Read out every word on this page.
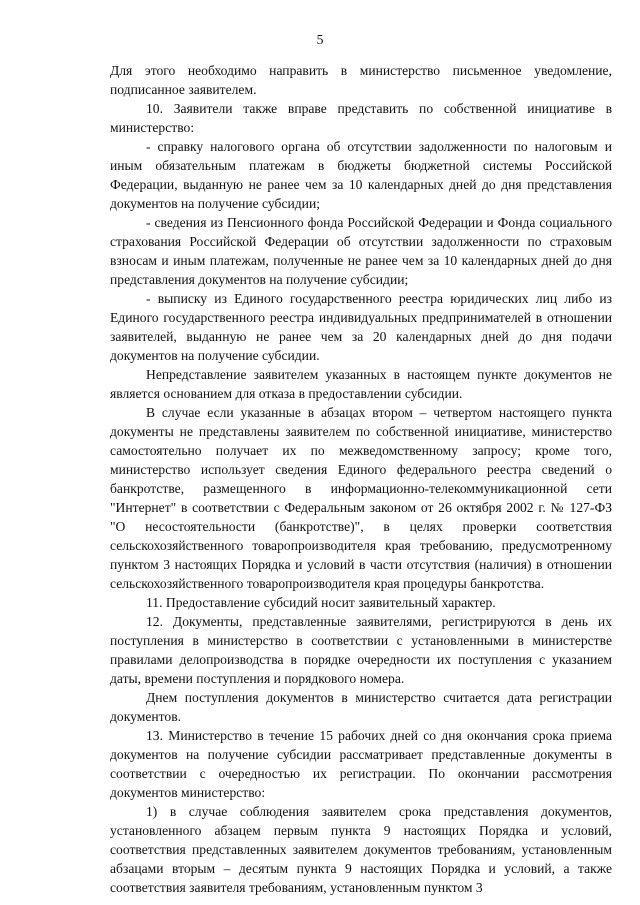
5

Для этого необходимо направить в министерство письменное уведомление, подписанное заявителем.

10. Заявители также вправе представить по собственной инициативе в министерство:

- справку налогового органа об отсутствии задолженности по налоговым и иным обязательным платежам в бюджеты бюджетной системы Российской Федерации, выданную не ранее чем за 10 календарных дней до дня представления документов на получение субсидии;

- сведения из Пенсионного фонда Российской Федерации и Фонда социального страхования Российской Федерации об отсутствии задолженности по страховым взносам и иным платежам, полученные не ранее чем за 10 календарных дней до дня представления документов на получение субсидии;

- выписку из Единого государственного реестра юридических лиц либо из Единого государственного реестра индивидуальных предпринимателей в отношении заявителей, выданную не ранее чем за 20 календарных дней до дня подачи документов на получение субсидии.

Непредставление заявителем указанных в настоящем пункте документов не является основанием для отказа в предоставлении субсидии.

В случае если указанные в абзацах втором – четвертом настоящего пункта документы не представлены заявителем по собственной инициативе, министерство самостоятельно получает их по межведомственному запросу; кроме того, министерство использует сведения Единого федерального реестра сведений о банкротстве, размещенного в информационно-телекоммуникационной сети "Интернет" в соответствии с Федеральным законом от 26 октября 2002 г. № 127-ФЗ "О несостоятельности (банкротстве)", в целях проверки соответствия сельскохозяйственного товаропроизводителя края требованию, предусмотренному пунктом 3 настоящих Порядка и условий в части отсутствия (наличия) в отношении сельскохозяйственного товаропроизводителя края процедуры банкротства.

11. Предоставление субсидий носит заявительный характер.

12. Документы, представленные заявителями, регистрируются в день их поступления в министерство в соответствии с установленными в министерстве правилами делопроизводства в порядке очередности их поступления с указанием даты, времени поступления и порядкового номера.

Днем поступления документов в министерство считается дата регистрации документов.

13. Министерство в течение 15 рабочих дней со дня окончания срока приема документов на получение субсидии рассматривает представленные документы в соответствии с очередностью их регистрации. По окончании рассмотрения документов министерство:

1) в случае соблюдения заявителем срока представления документов, установленного абзацем первым пункта 9 настоящих Порядка и условий, соответствия представленных заявителем документов требованиям, установленным абзацами вторым – десятым пункта 9 настоящих Порядка и условий, а также соответствия заявителя требованиям, установленным пунктом 3
